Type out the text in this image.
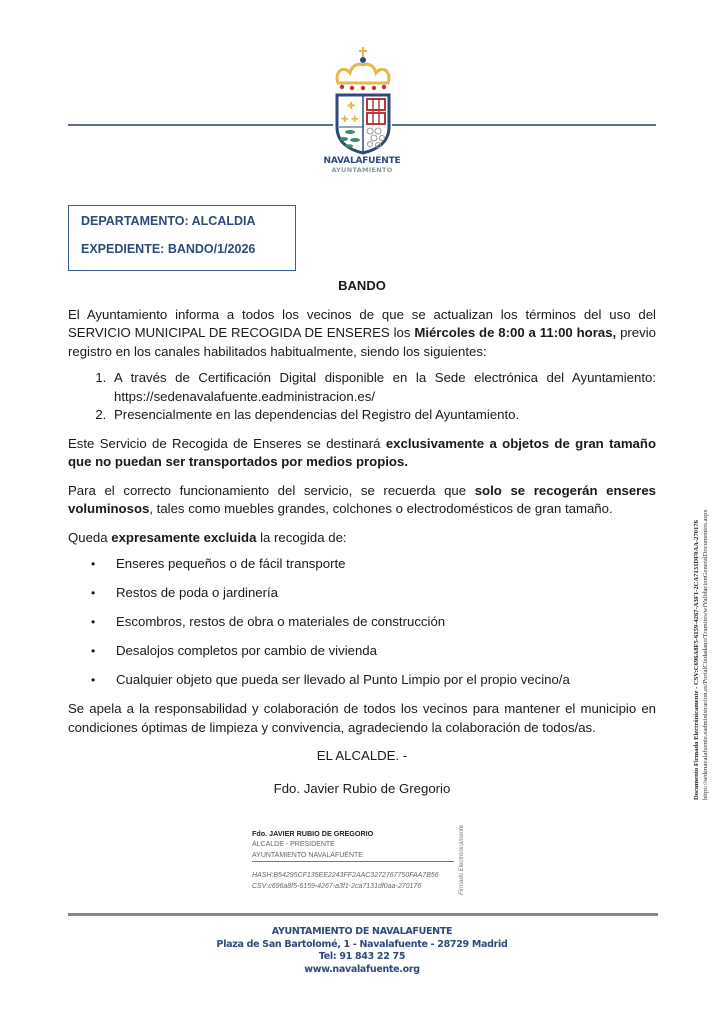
✚
✚ ✚
NAVALAFUENTE
AYUNTAMIENTO
DEPARTAMENTO: ALCALDIA
EXPEDIENTE: BANDO/1/2026
BANDO

El Ayuntamiento informa a todos los vecinos de que se actualizan los términos del uso del SERVICIO MUNICIPAL DE RECOGIDA DE ENSERES los Miércoles de 8:00 a 11:00 horas, previo registro en los canales habilitados habitualmente, siendo los siguientes:

1. A través de Certificación Digital disponible en la Sede electrónica del Ayuntamiento: https://sedenavalafuente.eadministracion.es/
2. Presencialmente en las dependencias del Registro del Ayuntamiento.

Este Servicio de Recogida de Enseres se destinará exclusivamente a objetos de gran tamaño que no puedan ser transportados por medios propios.

Para el correcto funcionamiento del servicio, se recuerda que solo se recogerán enseres voluminosos, tales como muebles grandes, colchones o electrodomésticos de gran tamaño.

Queda expresamente excluida la recogida de:

• Enseres pequeños o de fácil transporte
• Restos de poda o jardinería
• Escombros, restos de obra o materiales de construcción
• Desalojos completos por cambio de vivienda
• Cualquier objeto que pueda ser llevado al Punto Limpio por el propio vecino/a

Se apela a la responsabilidad y colaboración de todos los vecinos para mantener el municipio en condiciones óptimas de limpieza y convivencia, agradeciendo la colaboración de todos/as.

EL ALCALDE. -
Fdo. Javier Rubio de Gregorio
Fdo. JAVIER RUBIO DE GREGORIO
ALCALDE - PRESIDENTE
AYUNTAMIENTO NAVALAFUENTE
HASH:B54295CF135EE2243FF2AAC3272767750FAA7B56
CSV:c696a8f5-6159-4267-a3f1-2ca7131df0aa-270176	Firmado Electrónicamente
Documento Firmado Electrónicamente - CSV:C696A8F5-6159-4267-A3F1-2CA7131DF0AA-270176 https://sedenavalafuente.eadministracion.es/PortalCiudadano/Tramites/wfValidacionGeneralDocumentos.aspx
AYUNTAMIENTO DE NAVALAFUENTE
Plaza de San Bartolomé, 1 - Navalafuente - 28729 Madrid
Tel: 91 843 22 75
www.navalafuente.org
